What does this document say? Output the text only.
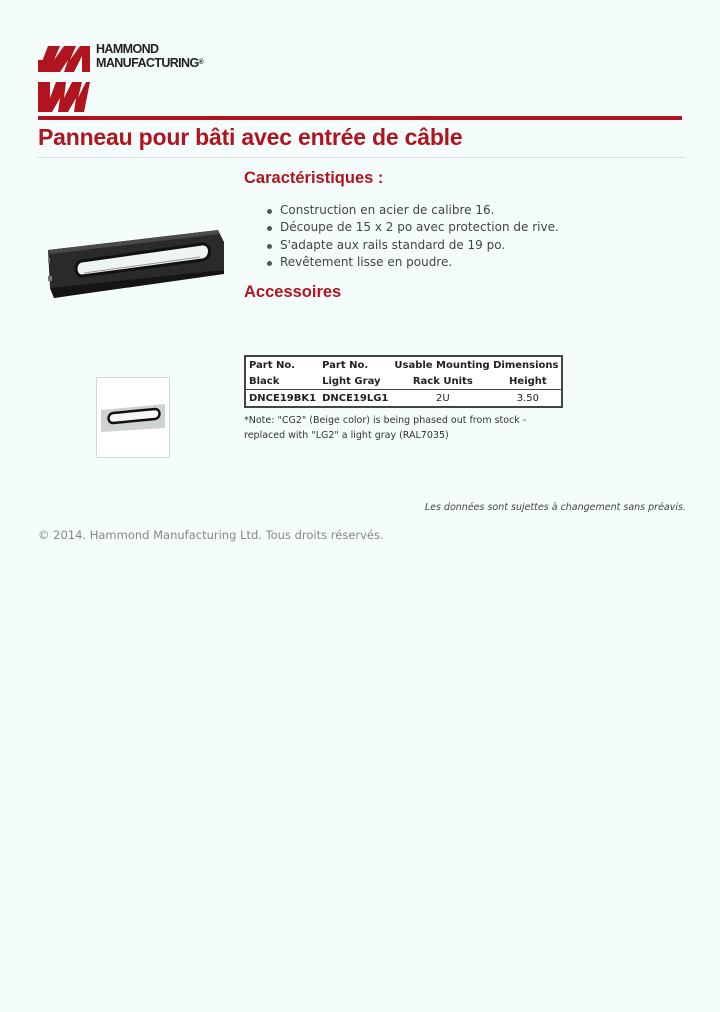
HAMMOND
MANUFACTURING®
Panneau pour bâti avec entrée de câble
Caractéristiques :
Construction en acier de calibre 16.
Découpe de 15 x 2 po avec protection de rive.
S'adapte aux rails standard de 19 po.
Revêtement lisse en poudre.
Accessoires
Part No.	Part No.	Usable Mounting Dimensions	
Black	Light Gray	Rack Units	Height
DNCE19BK1	DNCE19LG1	2U	3.50
*Note: "CG2" (Beige color) is being phased out from stock -
replaced with "LG2" a light gray (RAL7035)
Les données sont sujettes à changement sans préavis.
© 2014. Hammond Manufacturing Ltd. Tous droits réservés.
